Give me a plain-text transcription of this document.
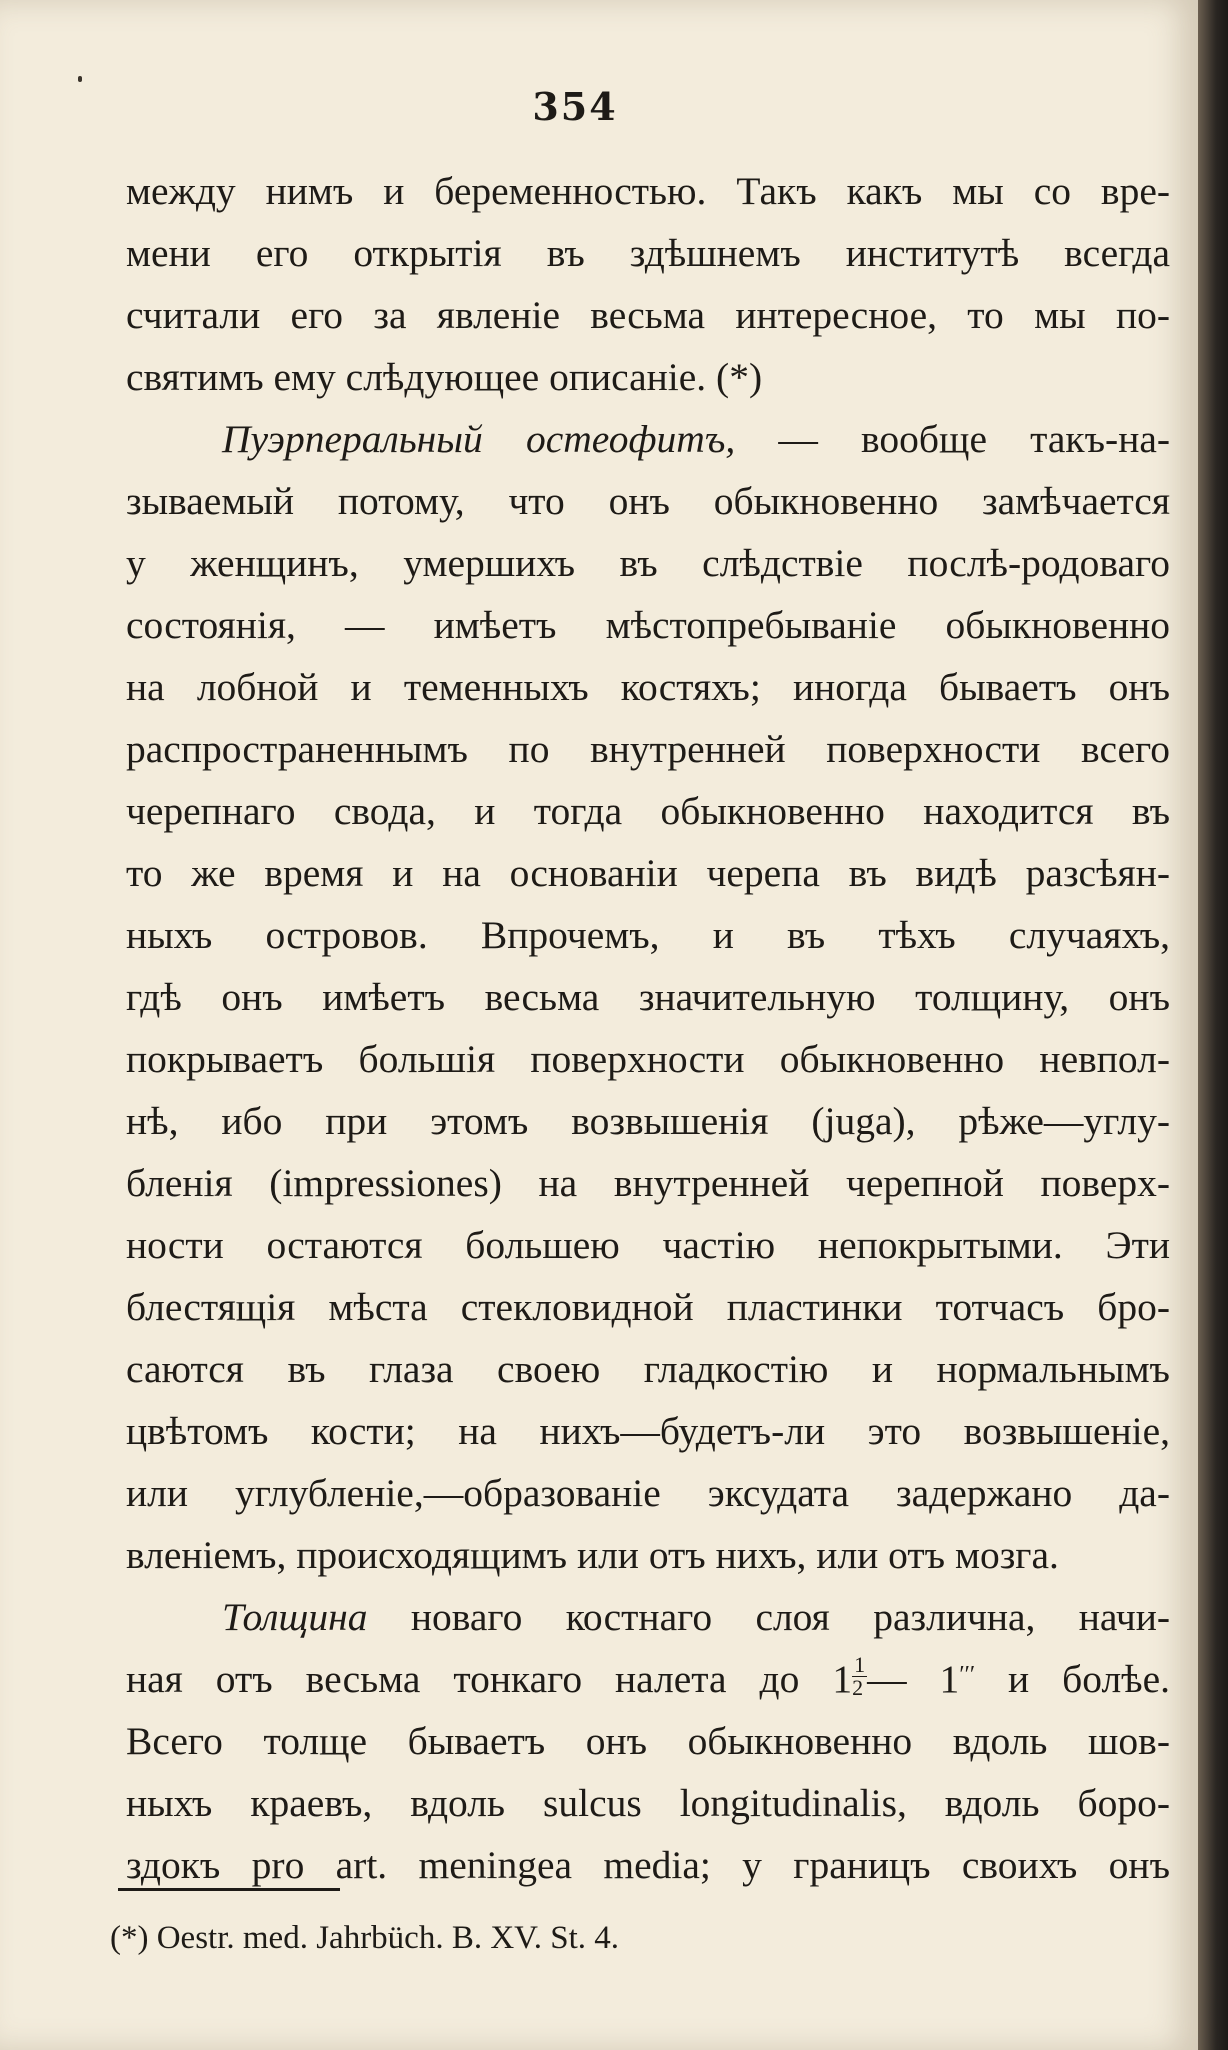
354
между нимъ и беременностью. Такъ какъ мы со вре-
мени его открытія въ здѣшнемъ институтѣ всегда
считали его за явленіе весьма интересное, то мы по-
святимъ ему слѣдующее описаніе. (*)
Пуэрперальный остеофитъ, — вообще такъ-на-
зываемый потому, что онъ обыкновенно замѣчается
у женщинъ, умершихъ въ слѣдствіе послѣ-родоваго
состоянія, — имѣетъ мѣстопребываніе обыкновенно
на лобной и теменныхъ костяхъ; иногда бываетъ онъ
распространеннымъ по внутренней поверхности всего
черепнаго свода, и тогда обыкновенно находится въ
то же время и на основаніи черепа въ видѣ разсѣян-
ныхъ островов. Впрочемъ, и въ тѣхъ случаяхъ,
гдѣ онъ имѣетъ весьма значительную толщину, онъ
покрываетъ большія поверхности обыкновенно невпол-
нѣ, ибо при этомъ возвышенія (juga), рѣже—углу-
бленія (impressiones) на внутренней черепной поверх-
ности остаются большею частію непокрытыми. Эти
блестящія мѣста стекловидной пластинки тотчасъ бро-
саются въ глаза своею гладкостію и нормальнымъ
цвѣтомъ кости; на нихъ—будетъ-ли это возвышеніе,
или углубленіе,—образованіе эксудата задержано да-
вленіемъ, происходящимъ или отъ нихъ, или отъ мозга.
Толщина новаго костнаго слоя различна, начи-
ная отъ весьма тонкаго налета до $1 \frac{1}{2}$ — 1′′′ и болѣе.
Всего толще бываетъ онъ обыкновенно вдоль шов-
ныхъ краевъ, вдоль sulcus longitudinalis, вдоль боро-
здокъ pro art. meningea media; у границъ своихъ онъ
(*) Oestr. med. Jahrbüch. B. XV. St. 4.
